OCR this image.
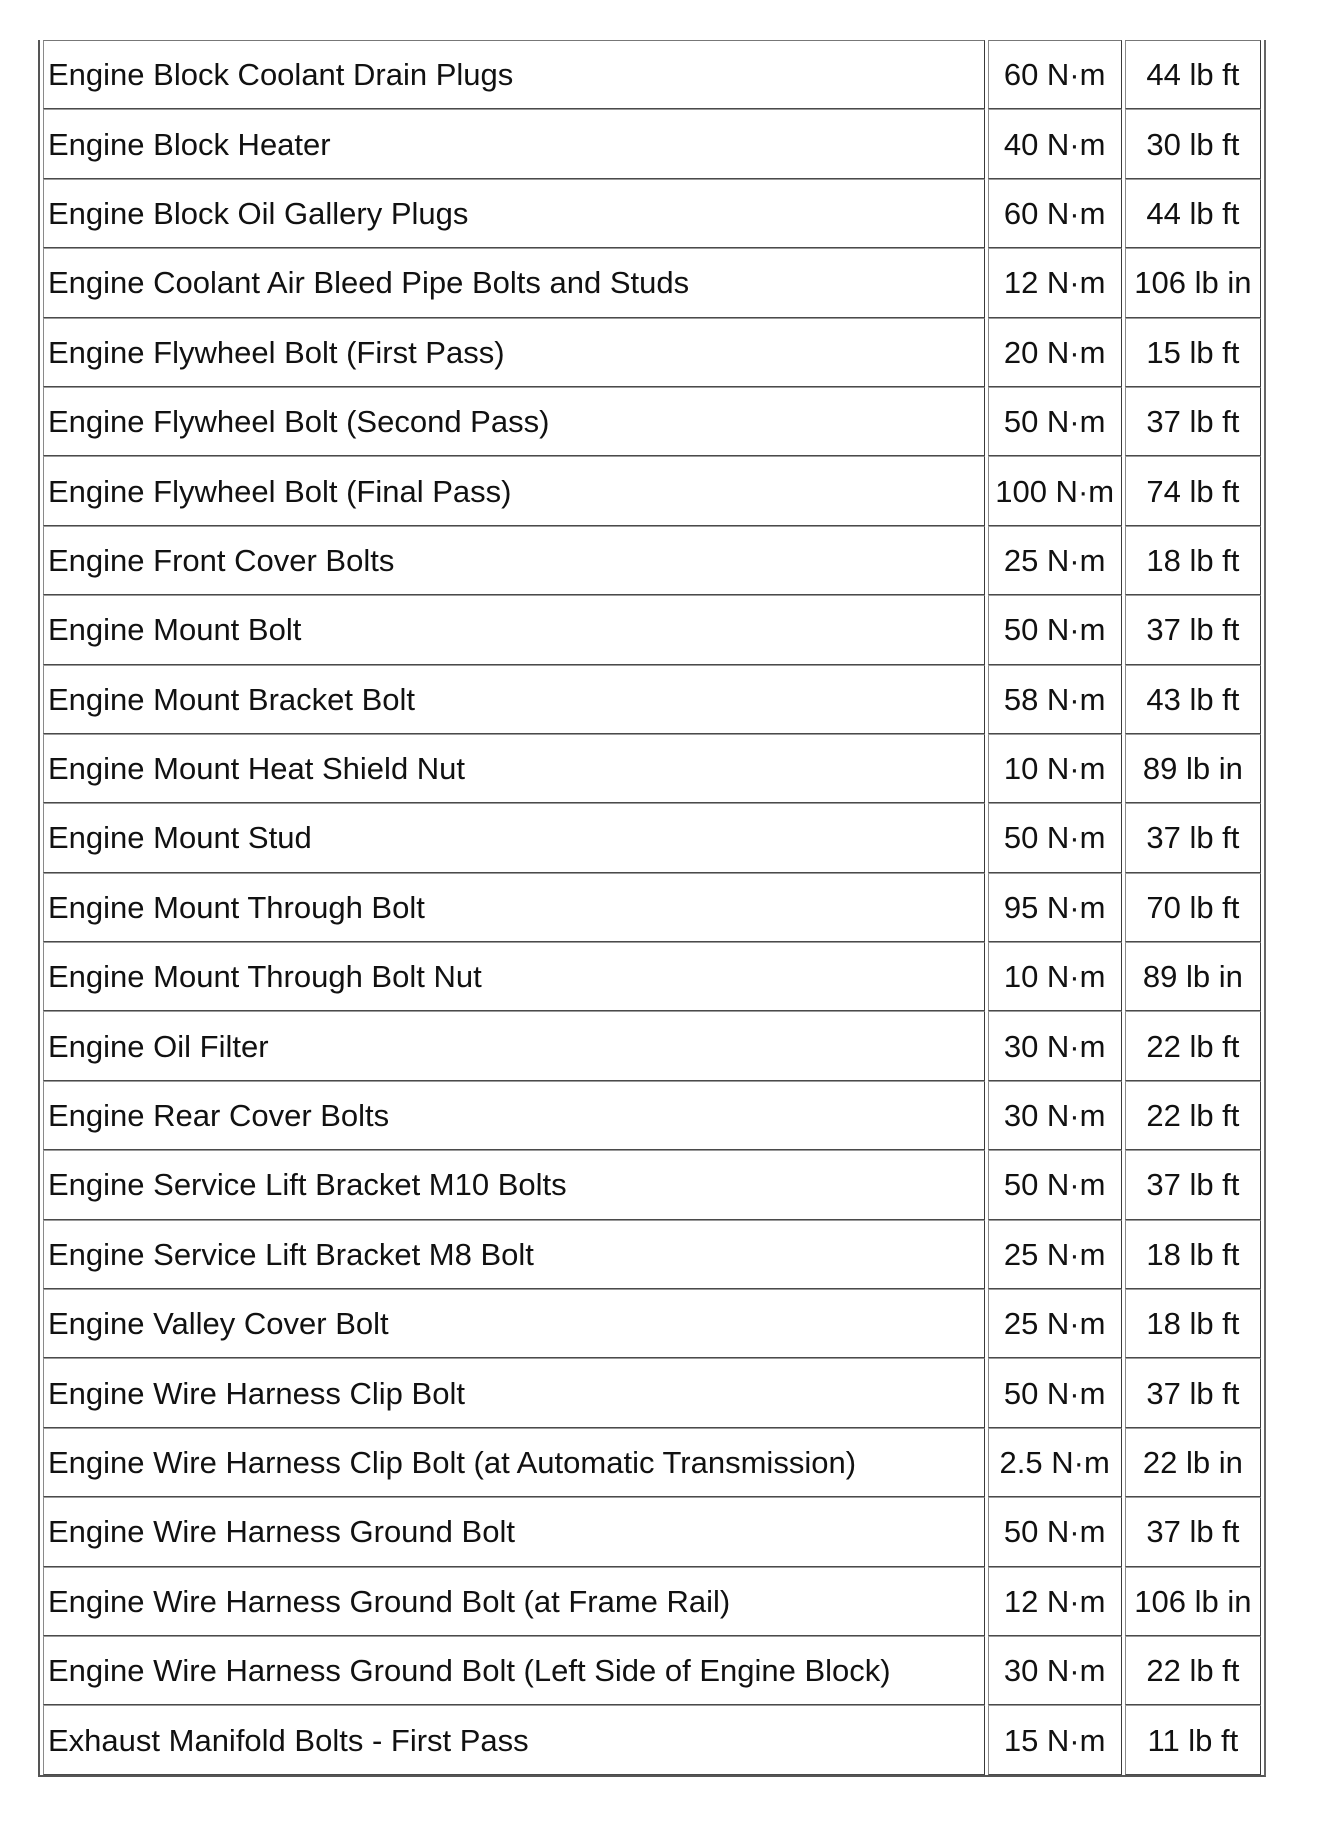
Engine Block Coolant Drain Plugs	60 N·m	44 lb ft
Engine Block Heater	40 N·m	30 lb ft
Engine Block Oil Gallery Plugs	60 N·m	44 lb ft
Engine Coolant Air Bleed Pipe Bolts and Studs	12 N·m	106 lb in
Engine Flywheel Bolt (First Pass)	20 N·m	15 lb ft
Engine Flywheel Bolt (Second Pass)	50 N·m	37 lb ft
Engine Flywheel Bolt (Final Pass)	100 N·m	74 lb ft
Engine Front Cover Bolts	25 N·m	18 lb ft
Engine Mount Bolt	50 N·m	37 lb ft
Engine Mount Bracket Bolt	58 N·m	43 lb ft
Engine Mount Heat Shield Nut	10 N·m	89 lb in
Engine Mount Stud	50 N·m	37 lb ft
Engine Mount Through Bolt	95 N·m	70 lb ft
Engine Mount Through Bolt Nut	10 N·m	89 lb in
Engine Oil Filter	30 N·m	22 lb ft
Engine Rear Cover Bolts	30 N·m	22 lb ft
Engine Service Lift Bracket M10 Bolts	50 N·m	37 lb ft
Engine Service Lift Bracket M8 Bolt	25 N·m	18 lb ft
Engine Valley Cover Bolt	25 N·m	18 lb ft
Engine Wire Harness Clip Bolt	50 N·m	37 lb ft
Engine Wire Harness Clip Bolt (at Automatic Transmission)	2.5 N·m	22 lb in
Engine Wire Harness Ground Bolt	50 N·m	37 lb ft
Engine Wire Harness Ground Bolt (at Frame Rail)	12 N·m	106 lb in
Engine Wire Harness Ground Bolt (Left Side of Engine Block)	30 N·m	22 lb ft
Exhaust Manifold Bolts - First Pass	15 N·m	11 lb ft
